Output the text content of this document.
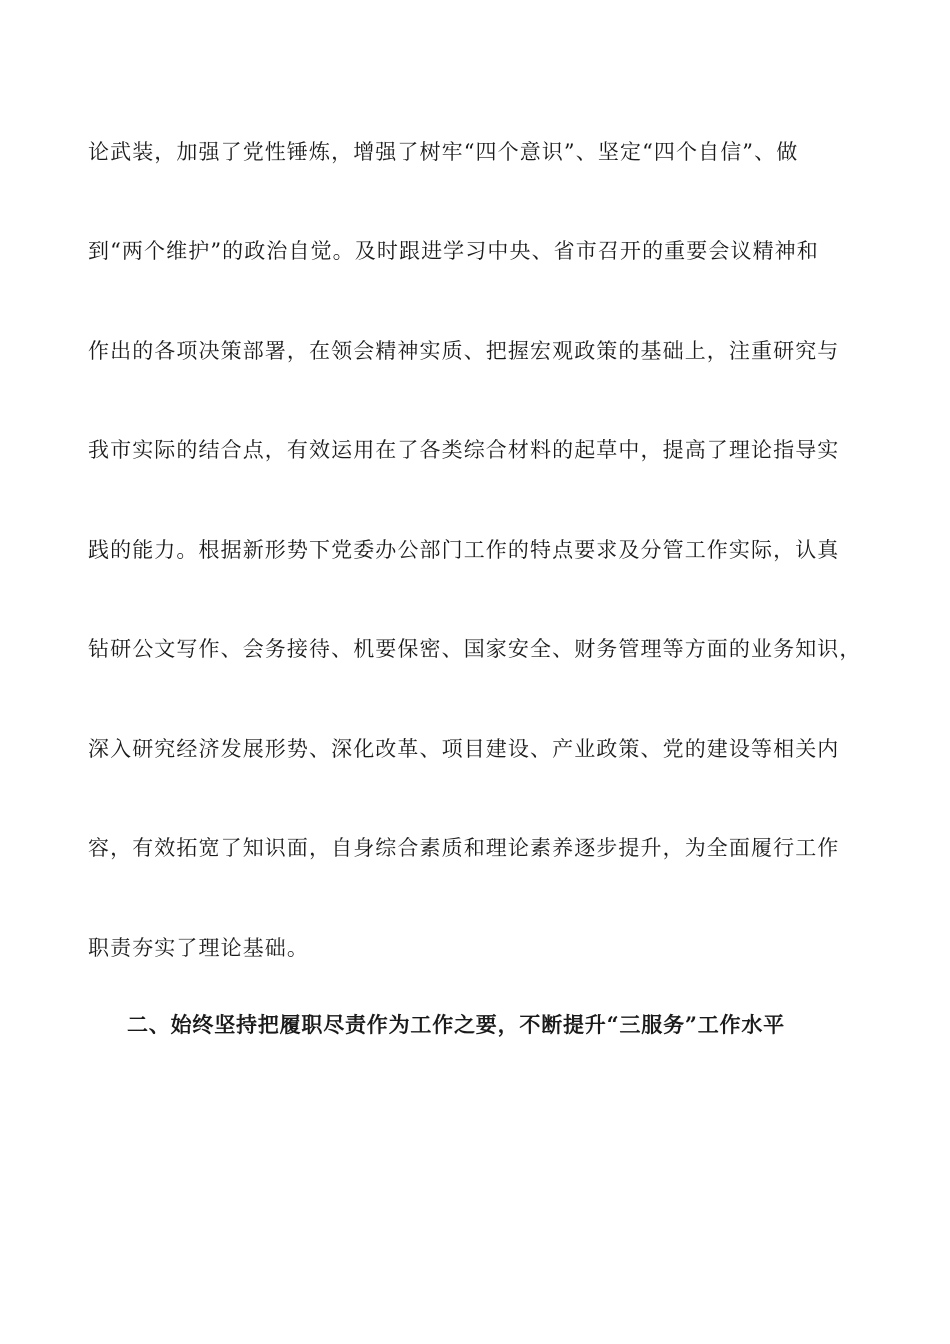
论武装，加强了党性锤炼，增强了树牢“四个意识”、坚定“四个自信”、做
到“两个维护”的政治自觉。及时跟进学习中央、省市召开的重要会议精神和
作出的各项决策部署，在领会精神实质、把握宏观政策的基础上，注重研究与
我市实际的结合点，有效运用在了各类综合材料的起草中，提高了理论指导实
践的能力。根据新形势下党委办公部门工作的特点要求及分管工作实际，认真
钻研公文写作、会务接待、机要保密、国家安全、财务管理等方面的业务知识，
深入研究经济发展形势、深化改革、项目建设、产业政策、党的建设等相关内
容，有效拓宽了知识面，自身综合素质和理论素养逐步提升，为全面履行工作
职责夯实了理论基础。
二、始终坚持把履职尽责作为工作之要，不断提升“三服务”工作水平
